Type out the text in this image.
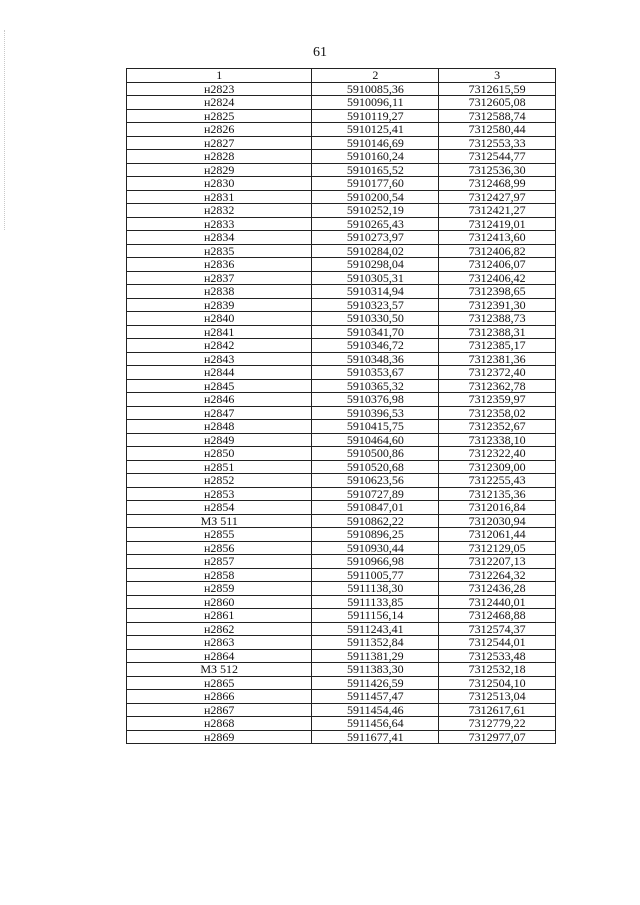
61
1	2	3
н2823	5910085,36	7312615,59
н2824	5910096,11	7312605,08
н2825	5910119,27	7312588,74
н2826	5910125,41	7312580,44
н2827	5910146,69	7312553,33
н2828	5910160,24	7312544,77
н2829	5910165,52	7312536,30
н2830	5910177,60	7312468,99
н2831	5910200,54	7312427,97
н2832	5910252,19	7312421,27
н2833	5910265,43	7312419,01
н2834	5910273,97	7312413,60
н2835	5910284,02	7312406,82
н2836	5910298,04	7312406,07
н2837	5910305,31	7312406,42
н2838	5910314,94	7312398,65
н2839	5910323,57	7312391,30
н2840	5910330,50	7312388,73
н2841	5910341,70	7312388,31
н2842	5910346,72	7312385,17
н2843	5910348,36	7312381,36
н2844	5910353,67	7312372,40
н2845	5910365,32	7312362,78
н2846	5910376,98	7312359,97
н2847	5910396,53	7312358,02
н2848	5910415,75	7312352,67
н2849	5910464,60	7312338,10
н2850	5910500,86	7312322,40
н2851	5910520,68	7312309,00
н2852	5910623,56	7312255,43
н2853	5910727,89	7312135,36
н2854	5910847,01	7312016,84
МЗ 511	5910862,22	7312030,94
н2855	5910896,25	7312061,44
н2856	5910930,44	7312129,05
н2857	5910966,98	7312207,13
н2858	5911005,77	7312264,32
н2859	5911138,30	7312436,28
н2860	5911133,85	7312440,01
н2861	5911156,14	7312468,88
н2862	5911243,41	7312574,37
н2863	5911352,84	7312544,01
н2864	5911381,29	7312533,48
МЗ 512	5911383,30	7312532,18
н2865	5911426,59	7312504,10
н2866	5911457,47	7312513,04
н2867	5911454,46	7312617,61
н2868	5911456,64	7312779,22
н2869	5911677,41	7312977,07
